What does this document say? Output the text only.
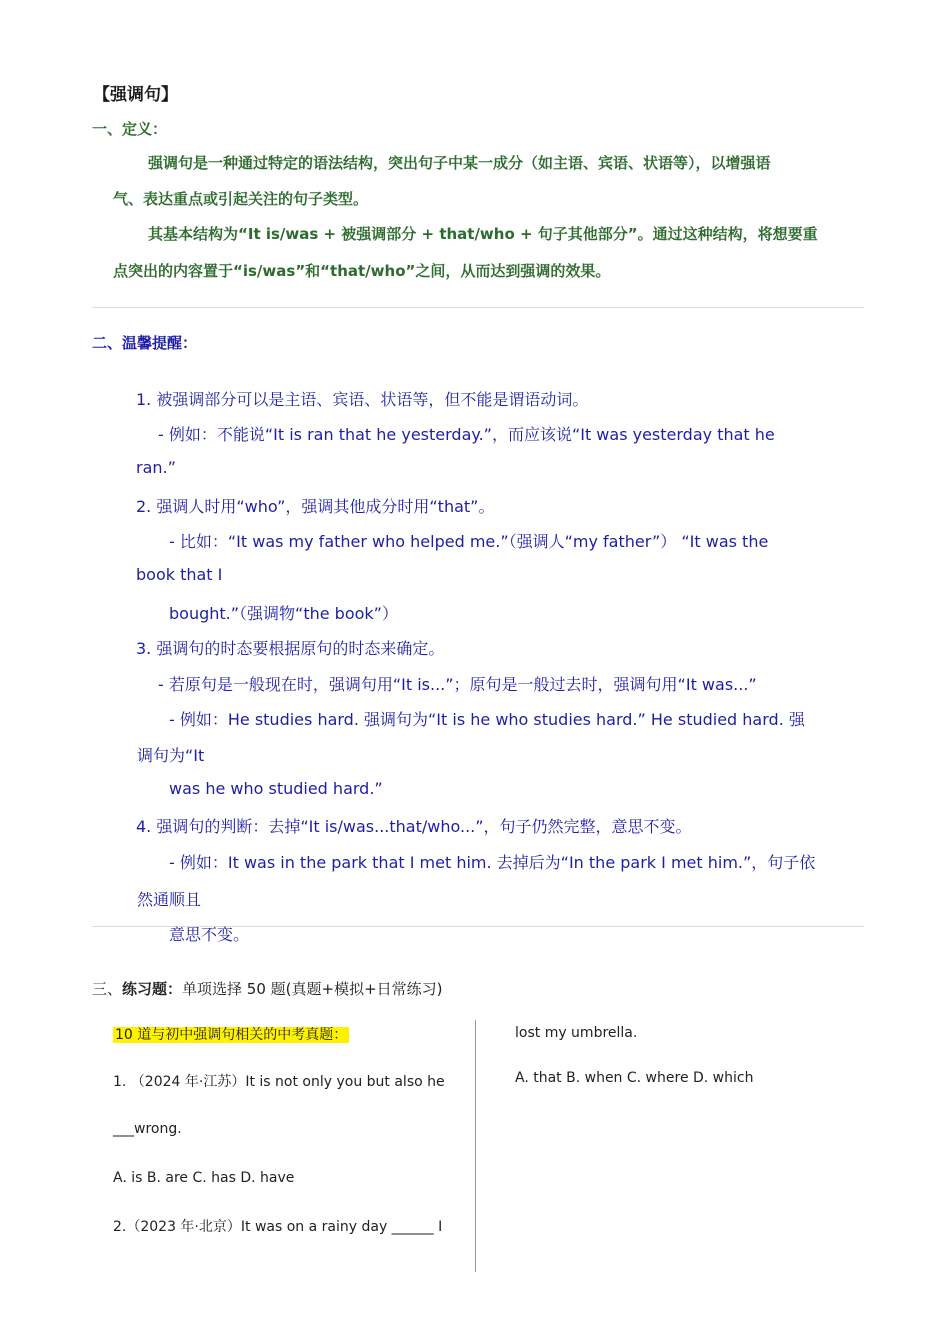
【强调句】
一、定义：
强调句是一种通过特定的语法结构，突出句子中某一成分（如主语、宾语、状语等），以增强语
气、表达重点或引起关注的句子类型。
其基本结构为“It is/was + 被强调部分 + that/who + 句子其他部分”。通过这种结构，将想要重
点突出的内容置于“is/was”和“that/who”之间，从而达到强调的效果。
二、温馨提醒：
1. 被强调部分可以是主语、宾语、状语等，但不能是谓语动词。
- 例如：不能说“It is ran that he yesterday.”，而应该说“It was yesterday that he
ran.”
2. 强调人时用“who”，强调其他成分时用“that”。
- 比如：“It was my father who helped me.”（强调人“my father”） “It was the
book that I
bought.”（强调物“the book”）
3. 强调句的时态要根据原句的时态来确定。
- 若原句是一般现在时，强调句用“It is...”；原句是一般过去时，强调句用“It was...”
- 例如：He studies hard. 强调句为“It is he who studies hard.” He studied hard. 强
调句为“It
was he who studied hard.”
4. 强调句的判断：去掉“It is/was...that/who...”，句子仍然完整，意思不变。
- 例如：It was in the park that I met him. 去掉后为“In the park I met him.”，句子依
然通顺且
意思不变。
三、练习题：单项选择 50 题(真题+模拟+日常练习)
10 道与初中强调句相关的中考真题：
1. （2024 年·江苏）It is not only you but also he
___wrong.
A. is B. are C. has D. have
2.（2023 年·北京）It was on a rainy day ______ I
lost my umbrella.
A. that B. when C. where D. which
